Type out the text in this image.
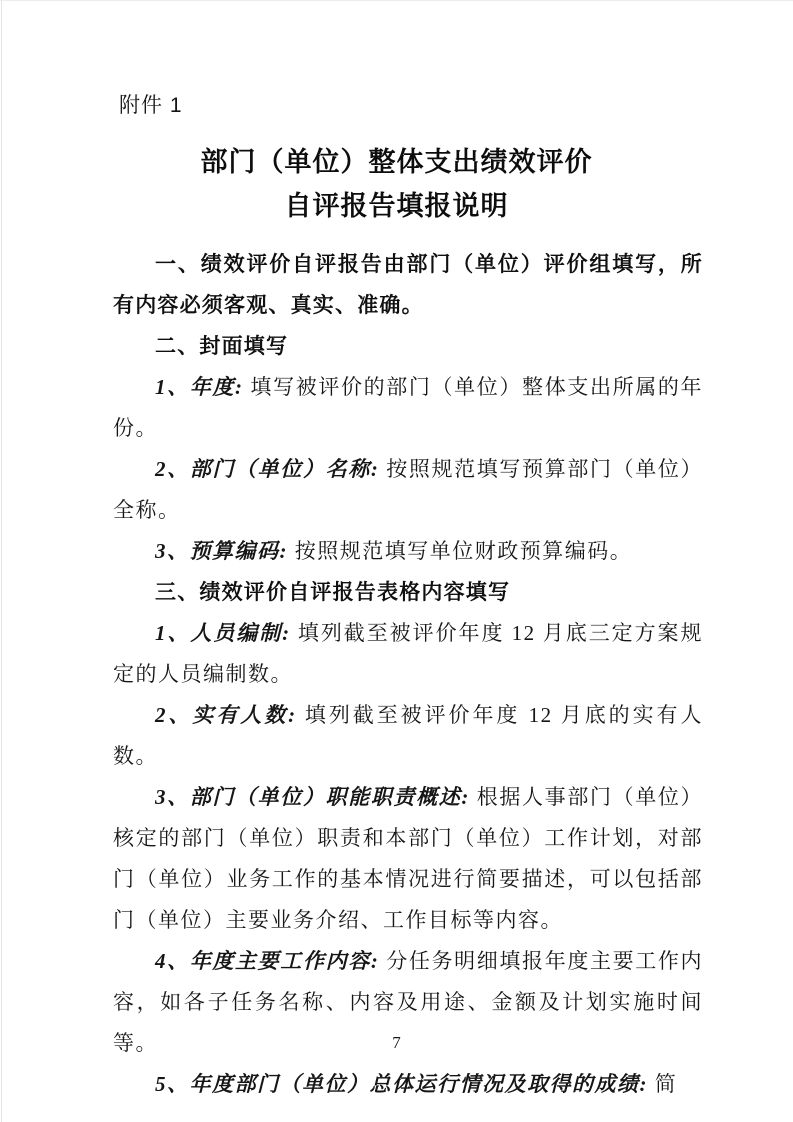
附件 1
部门（单位）整体支出绩效评价
自评报告填报说明

一、绩效评价自评报告由部门（单位）评价组填写，所有内容必须客观、真实、准确。

二、封面填写

1、年度: 填写被评价的部门（单位）整体支出所属的年份。

2、部门（单位）名称: 按照规范填写预算部门（单位）全称。

3、预算编码: 按照规范填写单位财政预算编码。

三、绩效评价自评报告表格内容填写

1、人员编制: 填列截至被评价年度 12 月底三定方案规定的人员编制数。

2、实有人数: 填列截至被评价年度 12 月底的实有人数。

3、部门（单位）职能职责概述: 根据人事部门（单位）核定的部门（单位）职责和本部门（单位）工作计划，对部门（单位）业务工作的基本情况进行简要描述，可以包括部门（单位）主要业务介绍、工作目标等内容。

4、年度主要工作内容: 分任务明细填报年度主要工作内容，如各子任务名称、内容及用途、金额及计划实施时间等。

5、年度部门（单位）总体运行情况及取得的成绩: 简

7
